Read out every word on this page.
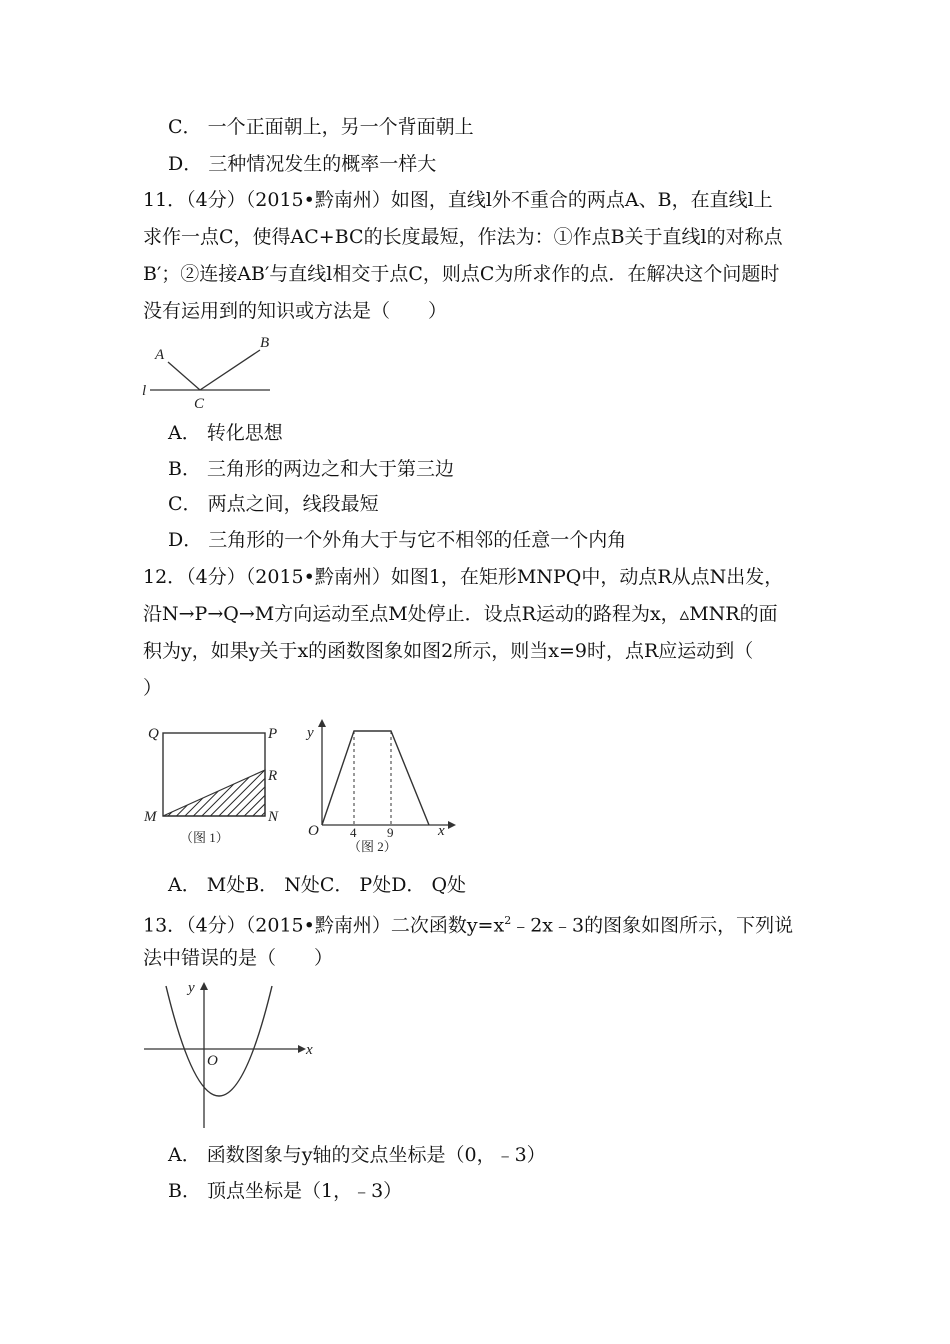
C． 一个正面朝上，另一个背面朝上
D． 三种情况发生的概率一样大
11．（4分）（2015•黔南州）如图，直线l外不重合的两点A、B，在直线l上
求作一点C，使得AC+BC的长度最短，作法为：①作点B关于直线l的对称点
B′；②连接AB′与直线l相交于点C，则点C为所求作的点．在解决这个问题时
没有运用到的知识或方法是（　　）
A
B
C
l
A． 转化思想
B． 三角形的两边之和大于第三边
C． 两点之间，线段最短
D． 三角形的一个外角大于与它不相邻的任意一个内角
12．（4分）（2015•黔南州）如图1，在矩形MNPQ中，动点R从点N出发，
沿N→P→Q→M方向运动至点M处停止．设点R运动的路程为x，▵MNR的面
积为y，如果y关于x的函数图象如图2所示，则当x=9时，点R应运动到（
）
Q	P
R
M	N
（图 1）
y
x
O 4 9
（图 2）
A． M处B． N处C． P处D． Q处
13．（4分）（2015•黔南州）二次函数$y=x^2﹣2x﹣3$的图象如图所示，下列说
法中错误的是（　　）
y
x
O
A． 函数图象与y轴的交点坐标是（0，﹣3）
B． 顶点坐标是（1，﹣3）
